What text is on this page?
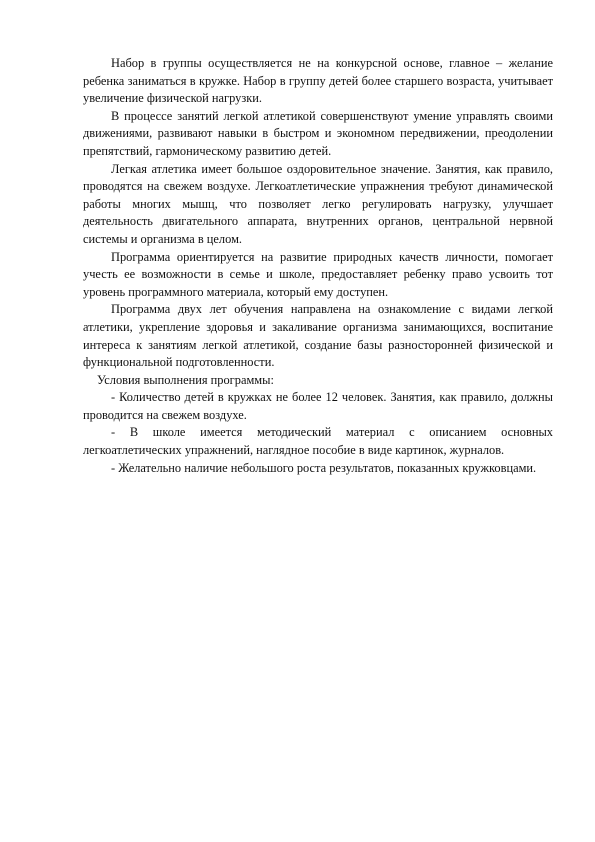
Набор в группы осуществляется не на конкурсной основе, главное – желание ребенка заниматься в кружке. Набор в группу детей более старшего возраста, учитывает увеличение физической нагрузки.

В процессе занятий легкой атлетикой совершенствуют умение управлять своими движениями, развивают навыки в быстром и экономном передвижении, преодолении препятствий, гармоническому развитию детей.

Легкая атлетика имеет большое оздоровительное значение. Занятия, как правило, проводятся на свежем воздухе. Легкоатлетические упражнения требуют динамической работы многих мышц, что позволяет легко регулировать нагрузку, улучшает деятельность двигательного аппарата, внутренних органов, центральной нервной системы и организма в целом.

Программа ориентируется на развитие природных качеств личности, помогает учесть ее возможности в семье и школе, предоставляет ребенку право усвоить тот уровень программного материала, который ему доступен.

Программа двух лет обучения направлена на ознакомление с видами легкой атлетики, укрепление здоровья и закаливание организма занимающихся, воспитание интереса к занятиям легкой атлетикой, создание базы разносторонней физической и функциональной подготовленности.

Условия выполнения программы:

- Количество детей в кружках не более 12 человек. Занятия, как правило, должны проводится на свежем воздухе.

- В школе имеется методический материал с описанием основных легкоатлетических упражнений, наглядное пособие в виде картинок, журналов.

- Желательно наличие небольшого роста результатов, показанных кружковцами.
